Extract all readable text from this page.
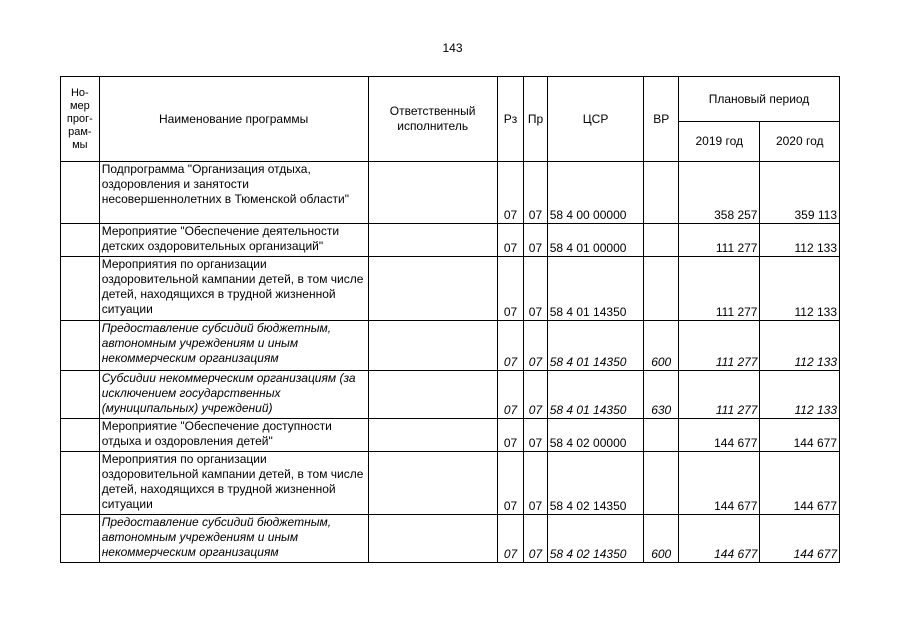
143
Но-
мер
прог-
рам-
мы	Наименование программы	Ответственный исполнитель	Рз	Пр	ЦСР	ВР	Плановый период	
							2019 год	2020 год
	Подпрограмма "Организация отдыха, оздоровления и занятости несовершеннолетних в Тюменской области"		07	07	58 4 00 00000		358 257	359 113
	Мероприятие "Обеспечение деятельности детских оздоровительных организаций"		07	07	58 4 01 00000		111 277	112 133
	Мероприятия по организации оздоровительной кампании детей, в том числе детей, находящихся в трудной жизненной ситуации		07	07	58 4 01 14350		111 277	112 133
	Предоставление субсидий бюджетным, автономным учреждениям и иным некоммерческим организациям		07	07	58 4 01 14350	600	111 277	112 133
	Субсидии некоммерческим организациям (за исключением государственных (муниципальных) учреждений)		07	07	58 4 01 14350	630	111 277	112 133
	Мероприятие "Обеспечение доступности отдыха и оздоровления детей"		07	07	58 4 02 00000		144 677	144 677
	Мероприятия по организации оздоровительной кампании детей, в том числе детей, находящихся в трудной жизненной ситуации		07	07	58 4 02 14350		144 677	144 677
	Предоставление субсидий бюджетным, автономным учреждениям и иным некоммерческим организациям		07	07	58 4 02 14350	600	144 677	144 677
